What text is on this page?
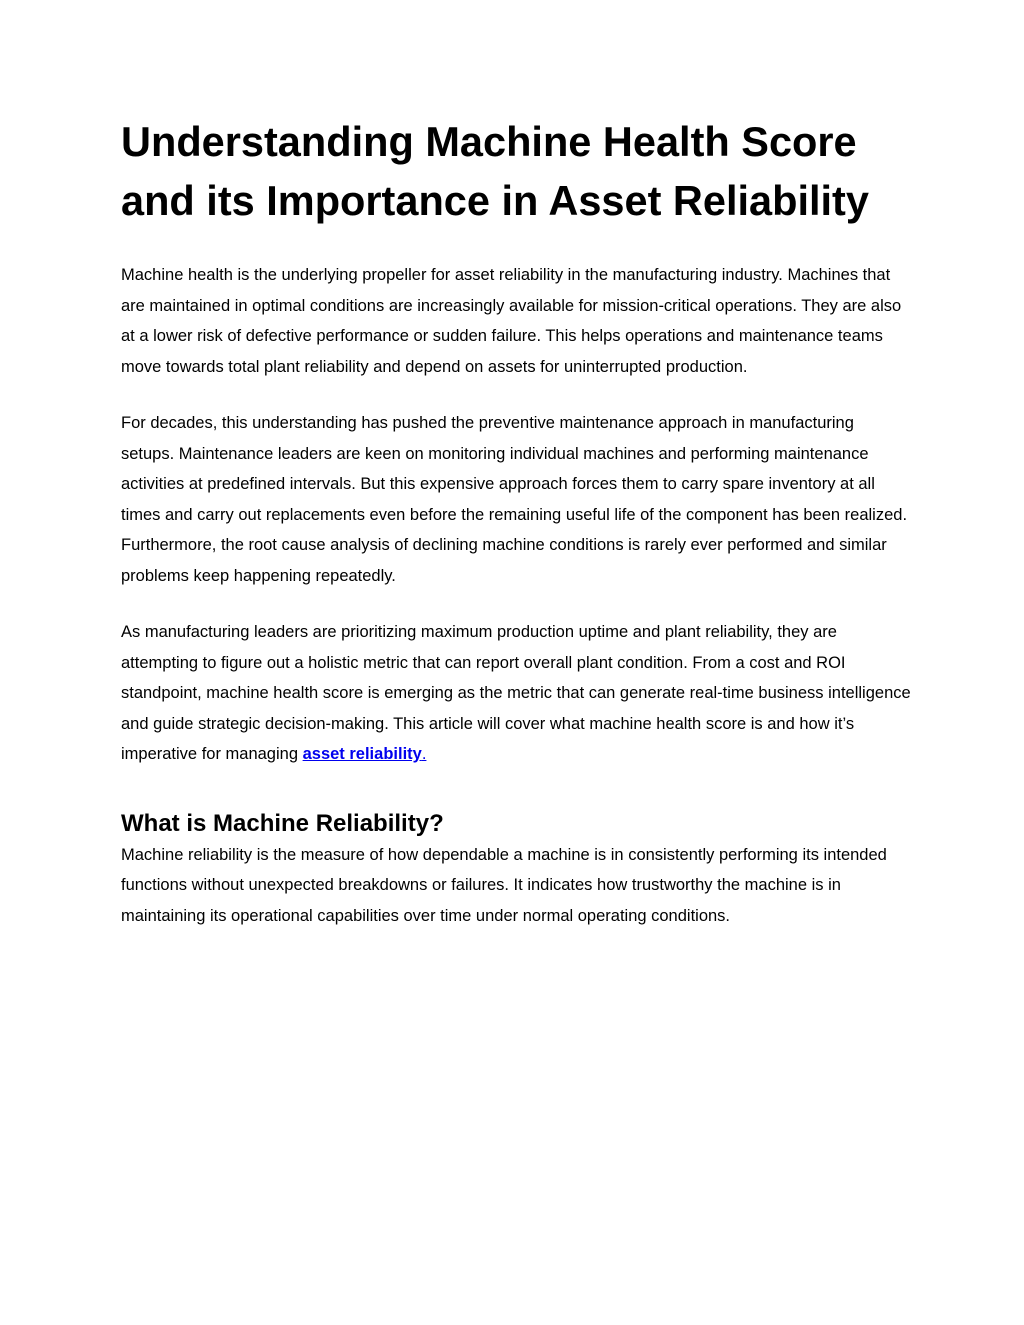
Understanding Machine Health Score and its Importance in Asset Reliability

Machine health is the underlying propeller for asset reliability in the manufacturing industry. Machines that are maintained in optimal conditions are increasingly available for mission-critical operations. They are also at a lower risk of defective performance or sudden failure. This helps operations and maintenance teams move towards total plant reliability and depend on assets for uninterrupted production.

For decades, this understanding has pushed the preventive maintenance approach in manufacturing setups. Maintenance leaders are keen on monitoring individual machines and performing maintenance activities at predefined intervals. But this expensive approach forces them to carry spare inventory at all times and carry out replacements even before the remaining useful life of the component has been realized. Furthermore, the root cause analysis of declining machine conditions is rarely ever performed and similar problems keep happening repeatedly.

As manufacturing leaders are prioritizing maximum production uptime and plant reliability, they are attempting to figure out a holistic metric that can report overall plant condition. From a cost and ROI standpoint, machine health score is emerging as the metric that can generate real-time business intelligence and guide strategic decision-making. This article will cover what machine health score is and how it’s imperative for managing asset reliability.

What is Machine Reliability?

Machine reliability is the measure of how dependable a machine is in consistently performing its intended functions without unexpected breakdowns or failures. It indicates how trustworthy the machine is in maintaining its operational capabilities over time under normal operating conditions.
